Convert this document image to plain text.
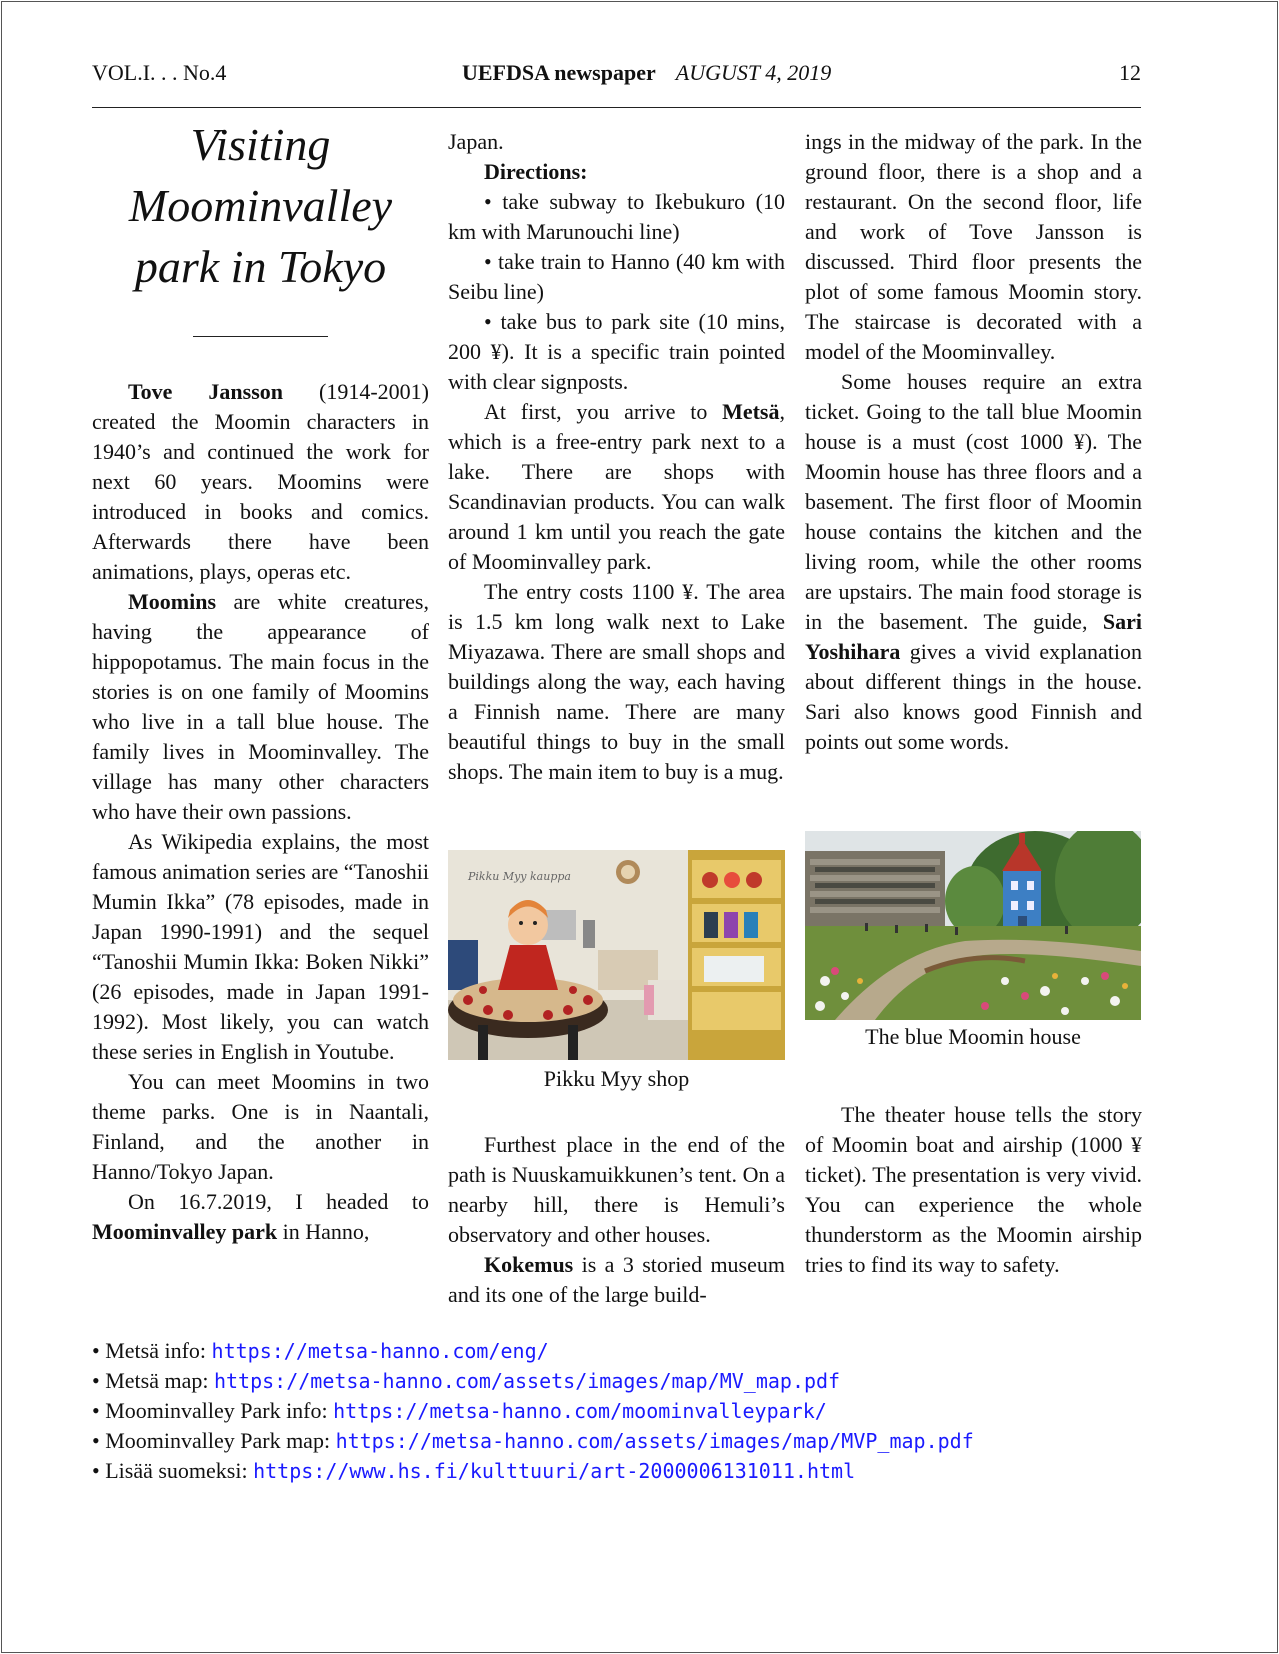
VOL.I. . . No.4	UEFDSA newspaper AUGUST 4, 2019	12
Visiting
Moominvalley
park in Tokyo

Tove Jansson (1914-2001) created the Moomin characters in 1940’s and continued the work for next 60 years. Moomins were introduced in books and comics. Afterwards there have been animations, plays, operas etc.

Moomins are white creatures, having the appearance of hippopotamus. The main focus in the stories is on one family of Moomins who live in a tall blue house. The family lives in Moominvalley. The village has many other characters who have their own passions.

As Wikipedia explains, the most famous animation series are “Tanoshii Mumin Ikka” (78 episodes, made in Japan 1990-1991) and the sequel “Tanoshii Mumin Ikka: Boken Nikki” (26 episodes, made in Japan 1991-1992). Most likely, you can watch these series in English in Youtube.

You can meet Moomins in two theme parks. One is in Naantali, Finland, and the another in Hanno/Tokyo Japan.

On 16.7.2019, I headed to Moominvalley park in Hanno,

Japan.

Directions:

• take subway to Ikebukuro (10 km with Marunouchi line)

• take train to Hanno (40 km with Seibu line)

• take bus to park site (10 mins, 200 ¥). It is a specific train pointed with clear signposts.

At first, you arrive to Metsä, which is a free-entry park next to a lake. There are shops with Scandinavian products. You can walk around 1 km until you reach the gate of Moominvalley park.

The entry costs 1100 ¥. The area is 1.5 km long walk next to Lake Miyazawa. There are small shops and buildings along the way, each having a Finnish name. There are many beautiful things to buy in the small shops. The main item to buy is a mug.

Pikku Myy kauppa
Pikku Myy shop

Furthest place in the end of the path is Nuuskamuikkunen’s tent. On a nearby hill, there is Hemuli’s observatory and other houses.

Kokemus is a 3 storied museum and its one of the large build-

ings in the midway of the park. In the ground floor, there is a shop and a restaurant. On the second floor, life and work of Tove Jansson is discussed. Third floor presents the plot of some famous Moomin story. The staircase is decorated with a model of the Moominvalley.

Some houses require an extra ticket. Going to the tall blue Moomin house is a must (cost 1000 ¥). The Moomin house has three floors and a basement. The first floor of Moomin house contains the kitchen and the living room, while the other rooms are upstairs. The main food storage is in the basement. The guide, Sari Yoshihara gives a vivid explanation about different things in the house. Sari also knows good Finnish and points out some words.

The blue Moomin house

The theater house tells the story of Moomin boat and airship (1000 ¥ ticket). The presentation is very vivid. You can experience the whole thunderstorm as the Moomin airship tries to find its way to safety.

• Metsä info: https://metsa-hanno.com/eng/
• Metsä map: https://metsa-hanno.com/assets/images/map/MV_map.pdf
• Moominvalley Park info: https://metsa-hanno.com/moominvalleypark/
• Moominvalley Park map: https://metsa-hanno.com/assets/images/map/MVP_map.pdf
• Lisää suomeksi: https://www.hs.fi/kulttuuri/art-2000006131011.html
